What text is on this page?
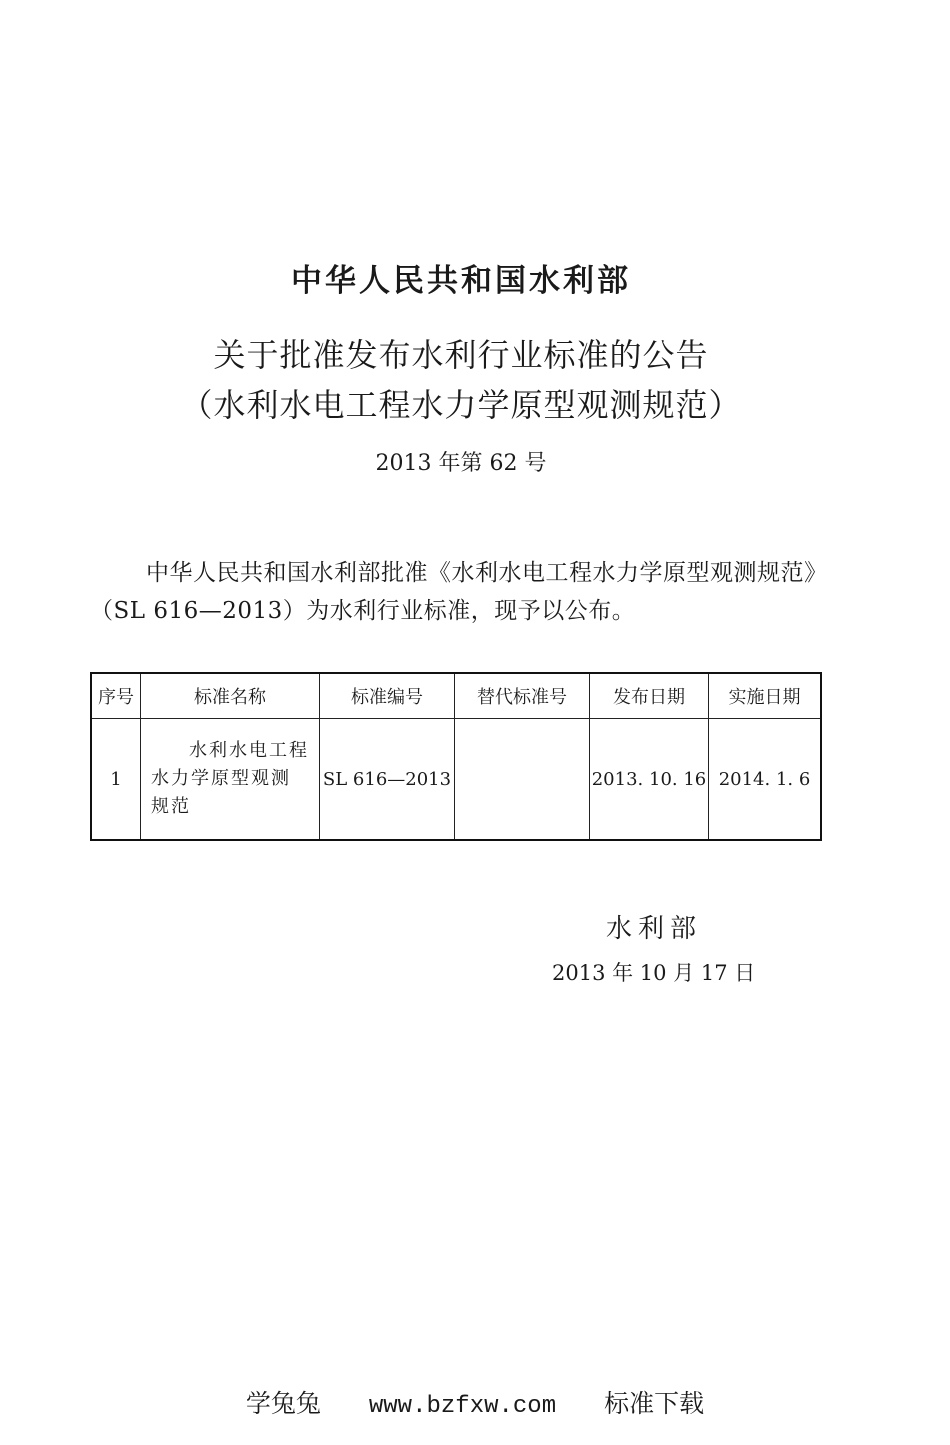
中华人民共和国水利部
关于批准发布水利行业标准的公告
（水利水电工程水力学原型观测规范）
2013 年第 62 号
中华人民共和国水利部批准《水利水电工程水力学原型观测规范》（SL 616—2013）为水利行业标准，现予以公布。
序号	标准名称	标准编号	替代标准号	发布日期	实施日期
1	水利水电工程
水力学原型观测
规范	SL 616—2013		2013. 10. 16	2014. 1. 6
水利部
2013 年 10 月 17 日
学兔兔 www.bzfxw.com 标准下载
